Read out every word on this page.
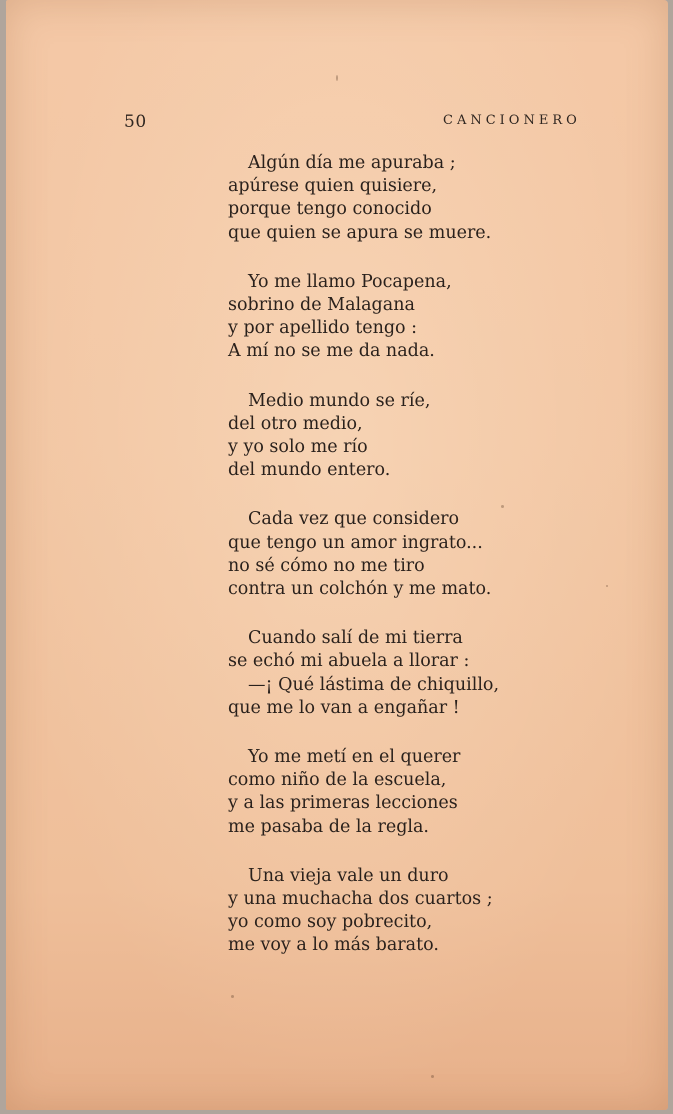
50	CANCIONERO
Algún día me apuraba ;
apúrese quien quisiere,
porque tengo conocido
que quien se apura se muere.
Yo me llamo Pocapena,
sobrino de Malagana
y por apellido tengo :
A mí no se me da nada.
Medio mundo se ríe,
del otro medio,
y yo solo me río
del mundo entero.
Cada vez que considero
que tengo un amor ingrato...
no sé cómo no me tiro
contra un colchón y me mato.
Cuando salí de mi tierra
se echó mi abuela a llorar :
—¡ Qué lástima de chiquillo,
que me lo van a engañar !
Yo me metí en el querer
como niño de la escuela,
y a las primeras lecciones
me pasaba de la regla.
Una vieja vale un duro
y una muchacha dos cuartos ;
yo como soy pobrecito,
me voy a lo más barato.
